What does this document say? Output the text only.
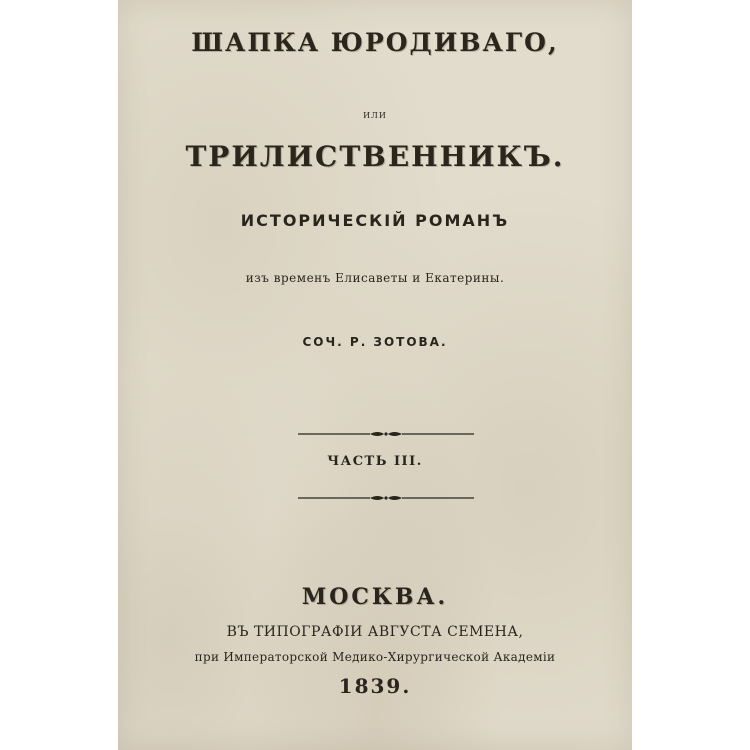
ШАПКА ЮРОДИВАГО,
или
ТРИЛИСТВЕННИКЪ.
ИСТОРИЧЕСКІЙ РОМАНЪ
изъ временъ Елисаветы и Екатерины.
СОЧ. Р. ЗОТОВА.
ЧАСТЬ III.
МОСКВА.
ВЪ ТИПОГРАФІИ АВГУСТА СЕМЕНА,
при Императорской Медико-Хирургической Академіи
1839.
